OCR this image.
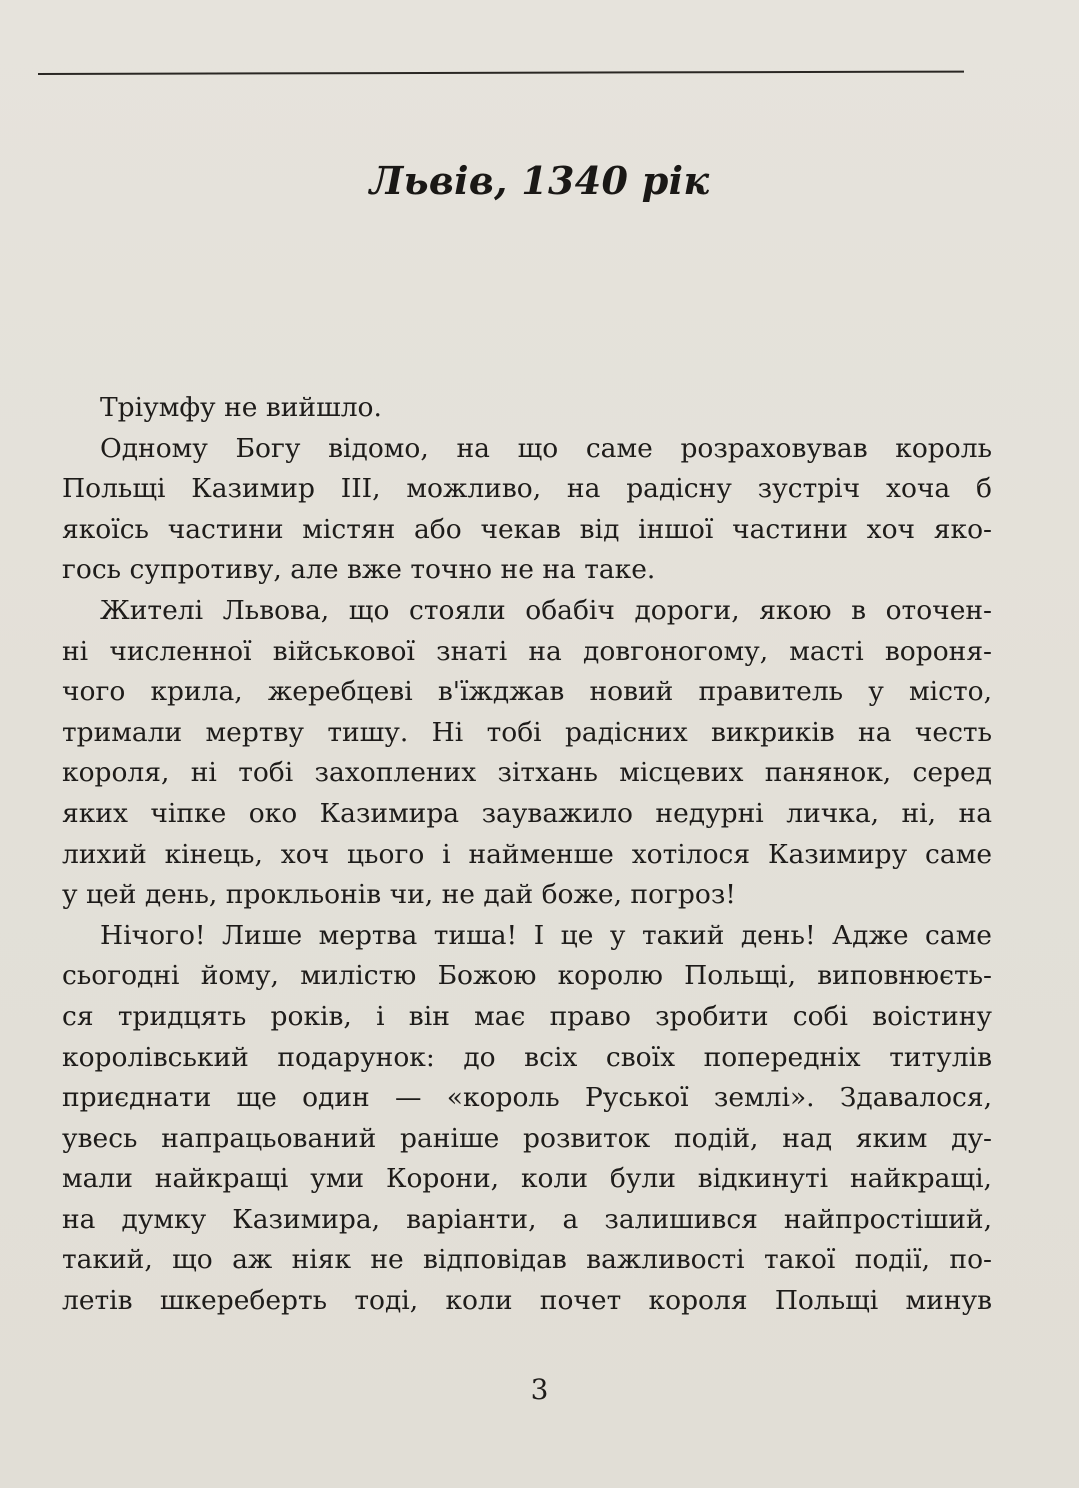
Львів, 1340 рік
Тріумфу не вийшло.
Одному Богу відомо, на що саме розраховував король
Польщі Казимир III, можливо, на радісну зустріч хоча б
якоїсь частини містян або чекав від іншої частини хоч яко-
гось супротиву, але вже точно не на таке.
Жителі Львова, що стояли обабіч дороги, якою в оточен-
ні численної військової знаті на довгоногому, масті вороня-
чого крила, жеребцеві в'їжджав новий правитель у місто,
тримали мертву тишу. Ні тобі радісних викриків на честь
короля, ні тобі захоплених зітхань місцевих панянок, серед
яких чіпке око Казимира зауважило недурні личка, ні, на
лихий кінець, хоч цього і найменше хотілося Казимиру саме
у цей день, прокльонів чи, не дай боже, погроз!
Нічого! Лише мертва тиша! І це у такий день! Адже саме
сьогодні йому, милістю Божою королю Польщі, виповнюєть-
ся тридцять років, і він має право зробити собі воістину
королівський подарунок: до всіх своїх попередніх титулів
приєднати ще один — «король Руської землі». Здавалося,
увесь напрацьований раніше розвиток подій, над яким ду-
мали найкращі уми Корони, коли були відкинуті найкращі,
на думку Казимира, варіанти, а залишився найпростіший,
такий, що аж ніяк не відповідав важливості такої події, по-
летів шкереберть тоді, коли почет короля Польщі минув
3
